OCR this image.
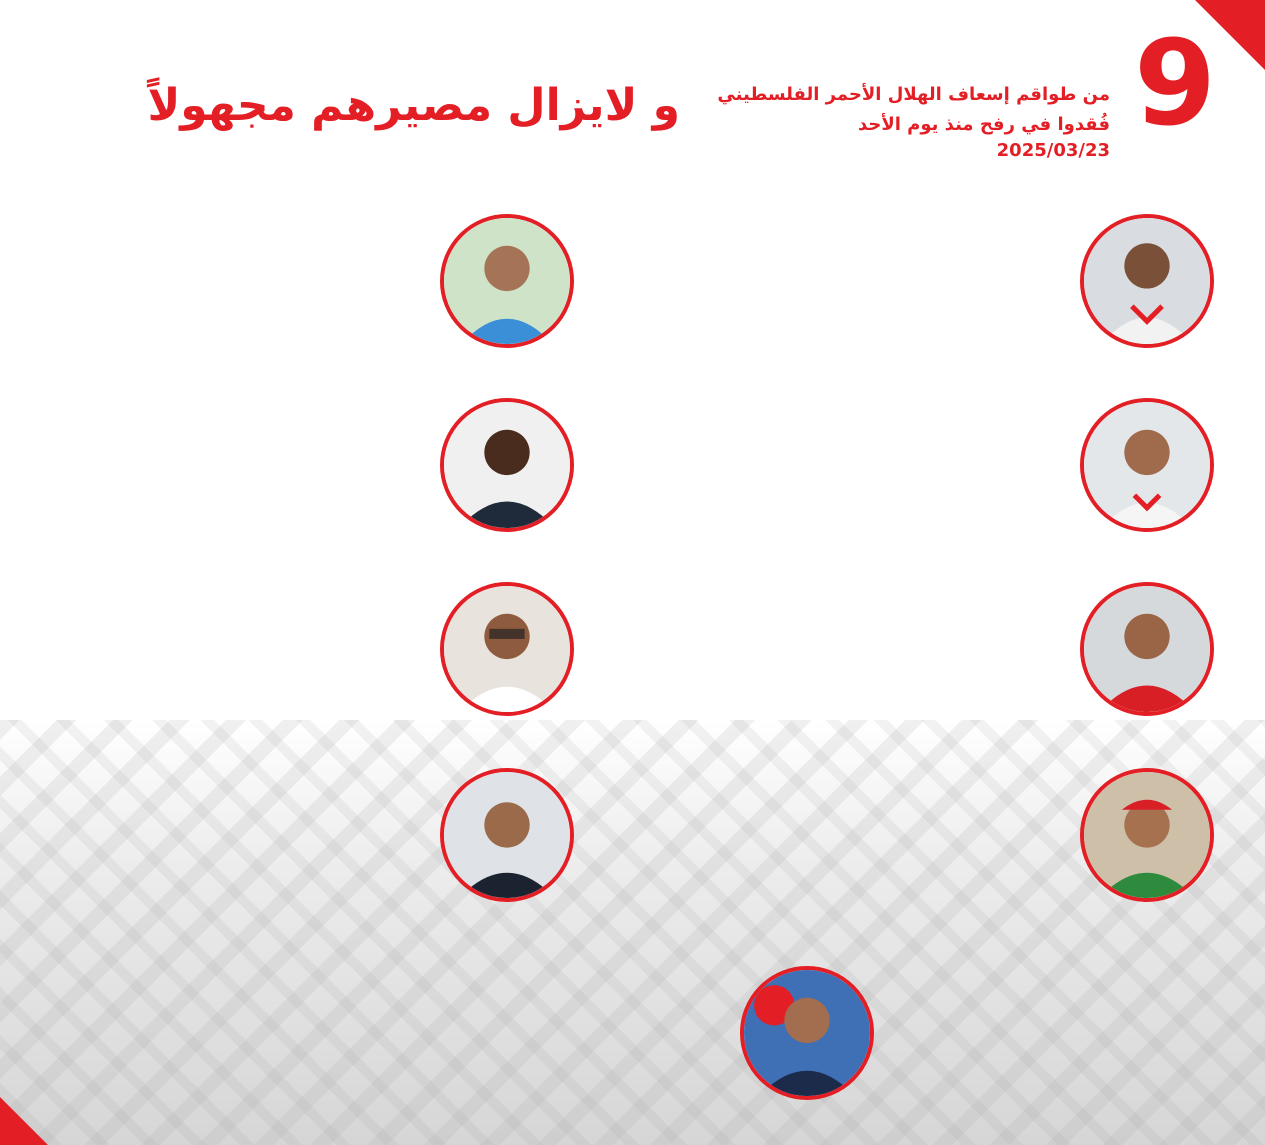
9
من طواقم إسعاف الهلال الأحمر الفلسطيني
فُقدوا في رفح منذ يوم الأحد
2025/03/23
و لايزال مصيرهم مجهولاً
